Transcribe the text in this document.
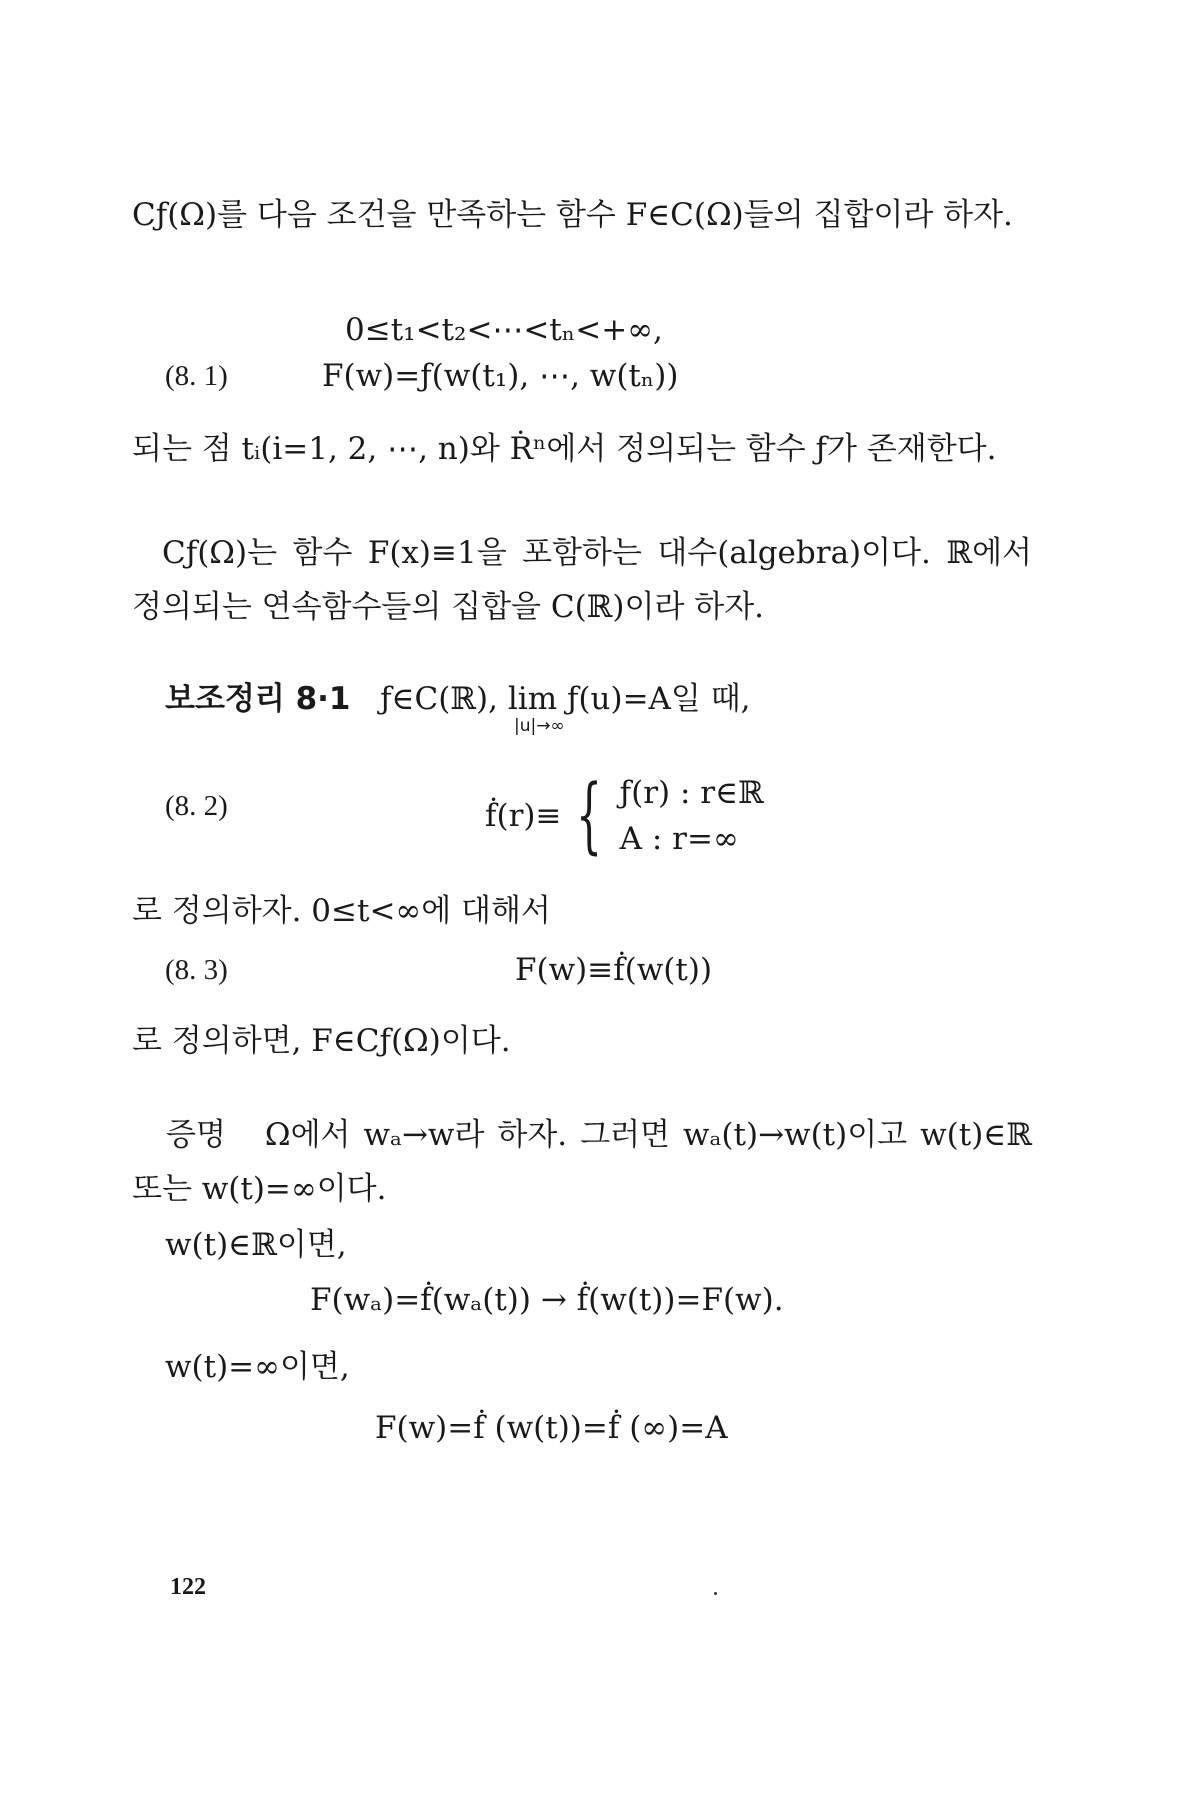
Cƒ(Ω)를 다음 조건을 만족하는 함수 F∈C(Ω)들의 집합이라 하자.
0≤t₁<t₂<⋯<tₙ<+∞,
(8. 1)	F(w)=ƒ(w(t₁), ⋯, w(tₙ))
되는 점 tᵢ(i=1, 2, ⋯, n)와 Ṙⁿ에서 정의되는 함수 ƒ가 존재한다.
Cƒ(Ω)는 함수 F(x)≡1을 포함하는 대수(algebra)이다. ℝ에서 정의되는 연속함수들의 집합을 C(ℝ)이라 하자.
보조정리 8·1 ƒ∈C(ℝ), lim ƒ(u)=A일 때,
|u|→∞
(8. 2)	ḟ(r)≡ { ƒ(r) : r∈ℝ
A : r=∞
로 정의하자. 0≤t<∞에 대해서
(8. 3)	F(w)≡ḟ(w(t))
로 정의하면, F∈Cƒ(Ω)이다.
증명 Ω에서 wₐ→w라 하자. 그러면 wₐ(t)→w(t)이고 w(t)∈ℝ 또는 w(t)=∞이다.
w(t)∈ℝ이면,
F(wₐ)=ḟ(wₐ(t)) → ḟ(w(t))=F(w).
w(t)=∞이면,
F(w)=ḟ (w(t))=ḟ (∞)=A
122
